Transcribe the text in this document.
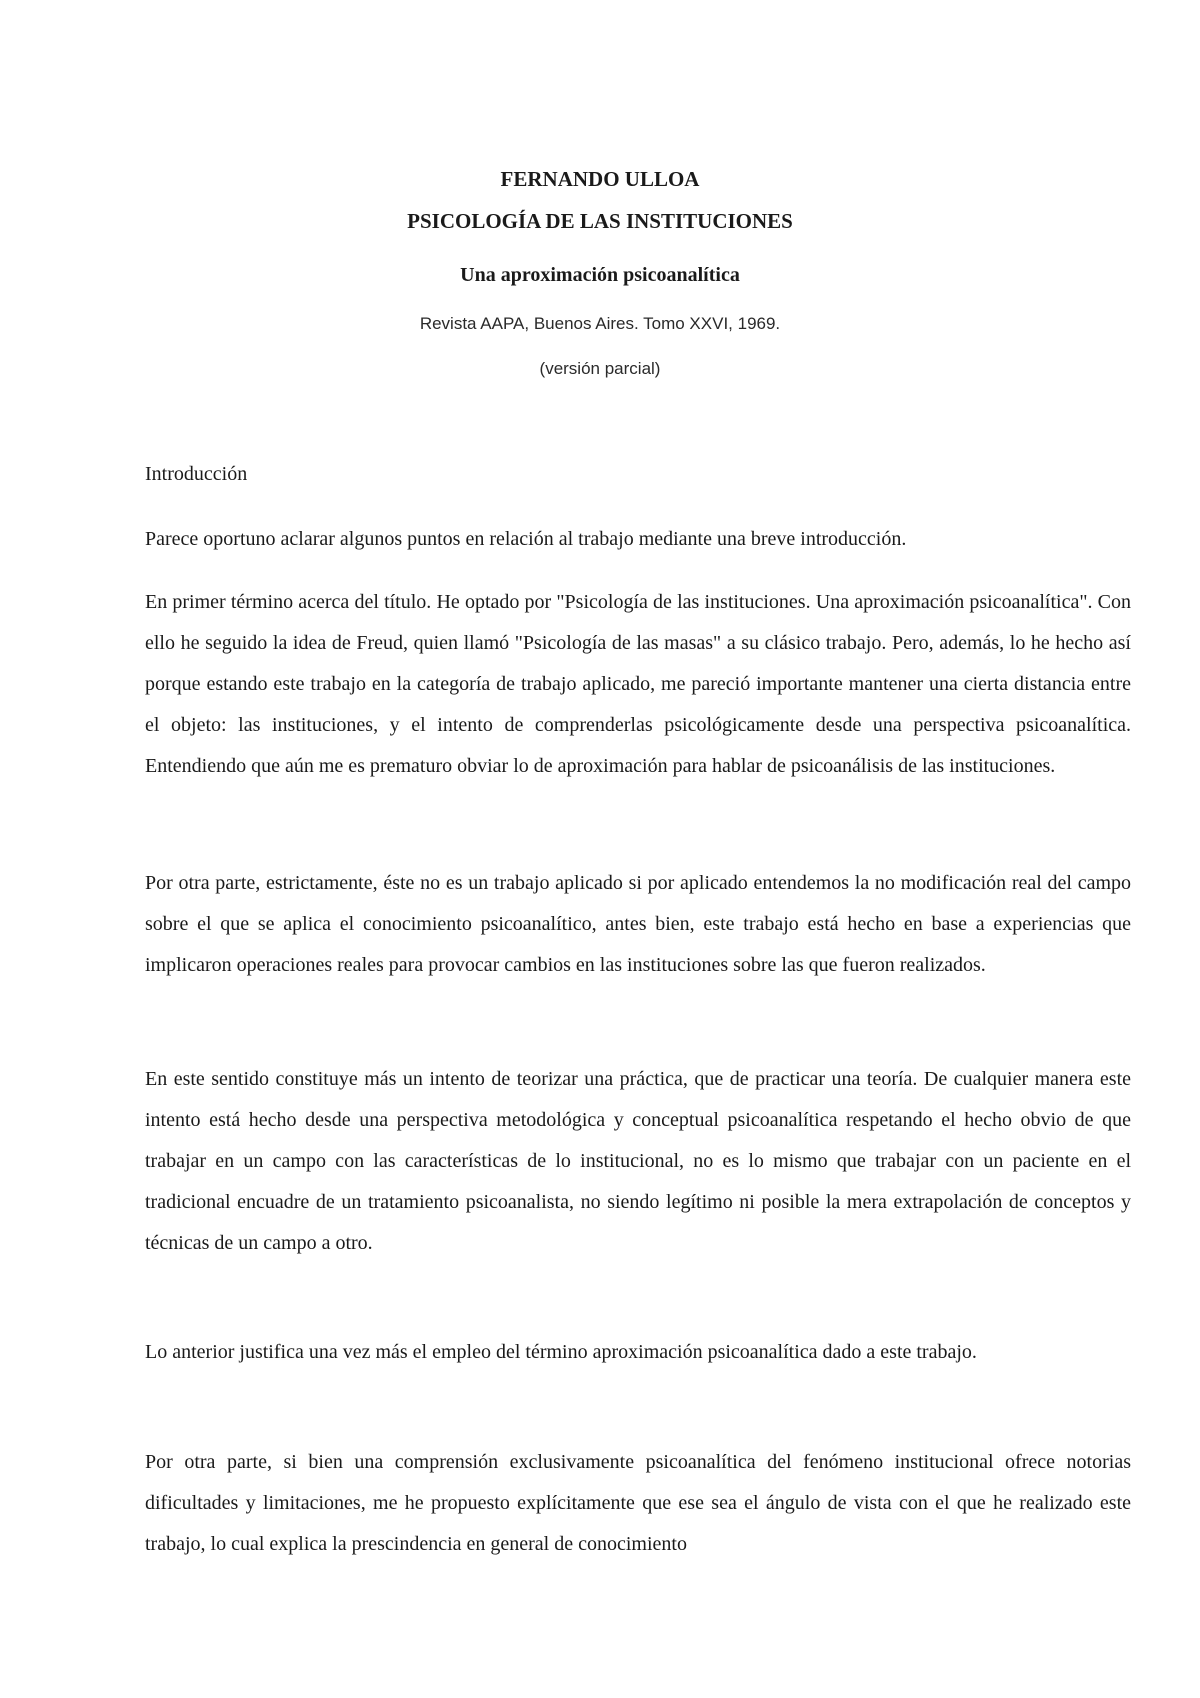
FERNANDO ULLOA
PSICOLOGÍA DE LAS INSTITUCIONES
Una aproximación psicoanalítica
Revista AAPA, Buenos Aires. Tomo XXVI, 1969.
(versión parcial)
Introducción

Parece oportuno aclarar algunos puntos en relación al trabajo mediante una breve introducción.

En primer término acerca del título. He optado por "Psicología de las instituciones. Una aproximación psicoanalítica". Con ello he seguido la idea de Freud, quien llamó "Psicología de las masas" a su clásico trabajo. Pero, además, lo he hecho así porque estando este trabajo en la categoría de trabajo aplicado, me pareció importante mantener una cierta distancia entre el objeto: las instituciones, y el intento de comprenderlas psicológicamente desde una perspectiva psicoanalítica. Entendiendo que aún me es prematuro obviar lo de aproximación para hablar de psicoanálisis de las instituciones.

Por otra parte, estrictamente, éste no es un trabajo aplicado si por aplicado entendemos la no modificación real del campo sobre el que se aplica el conocimiento psicoanalítico, antes bien, este trabajo está hecho en base a experiencias que implicaron operaciones reales para provocar cambios en las instituciones sobre las que fueron realizados.

En este sentido constituye más un intento de teorizar una práctica, que de practicar una teoría. De cualquier manera este intento está hecho desde una perspectiva metodológica y conceptual psicoanalítica respetando el hecho obvio de que trabajar en un campo con las características de lo institucional, no es lo mismo que trabajar con un paciente en el tradicional encuadre de un tratamiento psicoanalista, no siendo legítimo ni posible la mera extrapolación de conceptos y técnicas de un campo a otro.

Lo anterior justifica una vez más el empleo del término aproximación psicoanalítica dado a este trabajo.

Por otra parte, si bien una comprensión exclusivamente psicoanalítica del fenómeno institucional ofrece notorias dificultades y limitaciones, me he propuesto explícitamente que ese sea el ángulo de vista con el que he realizado este trabajo, lo cual explica la prescindencia en general de conocimiento
